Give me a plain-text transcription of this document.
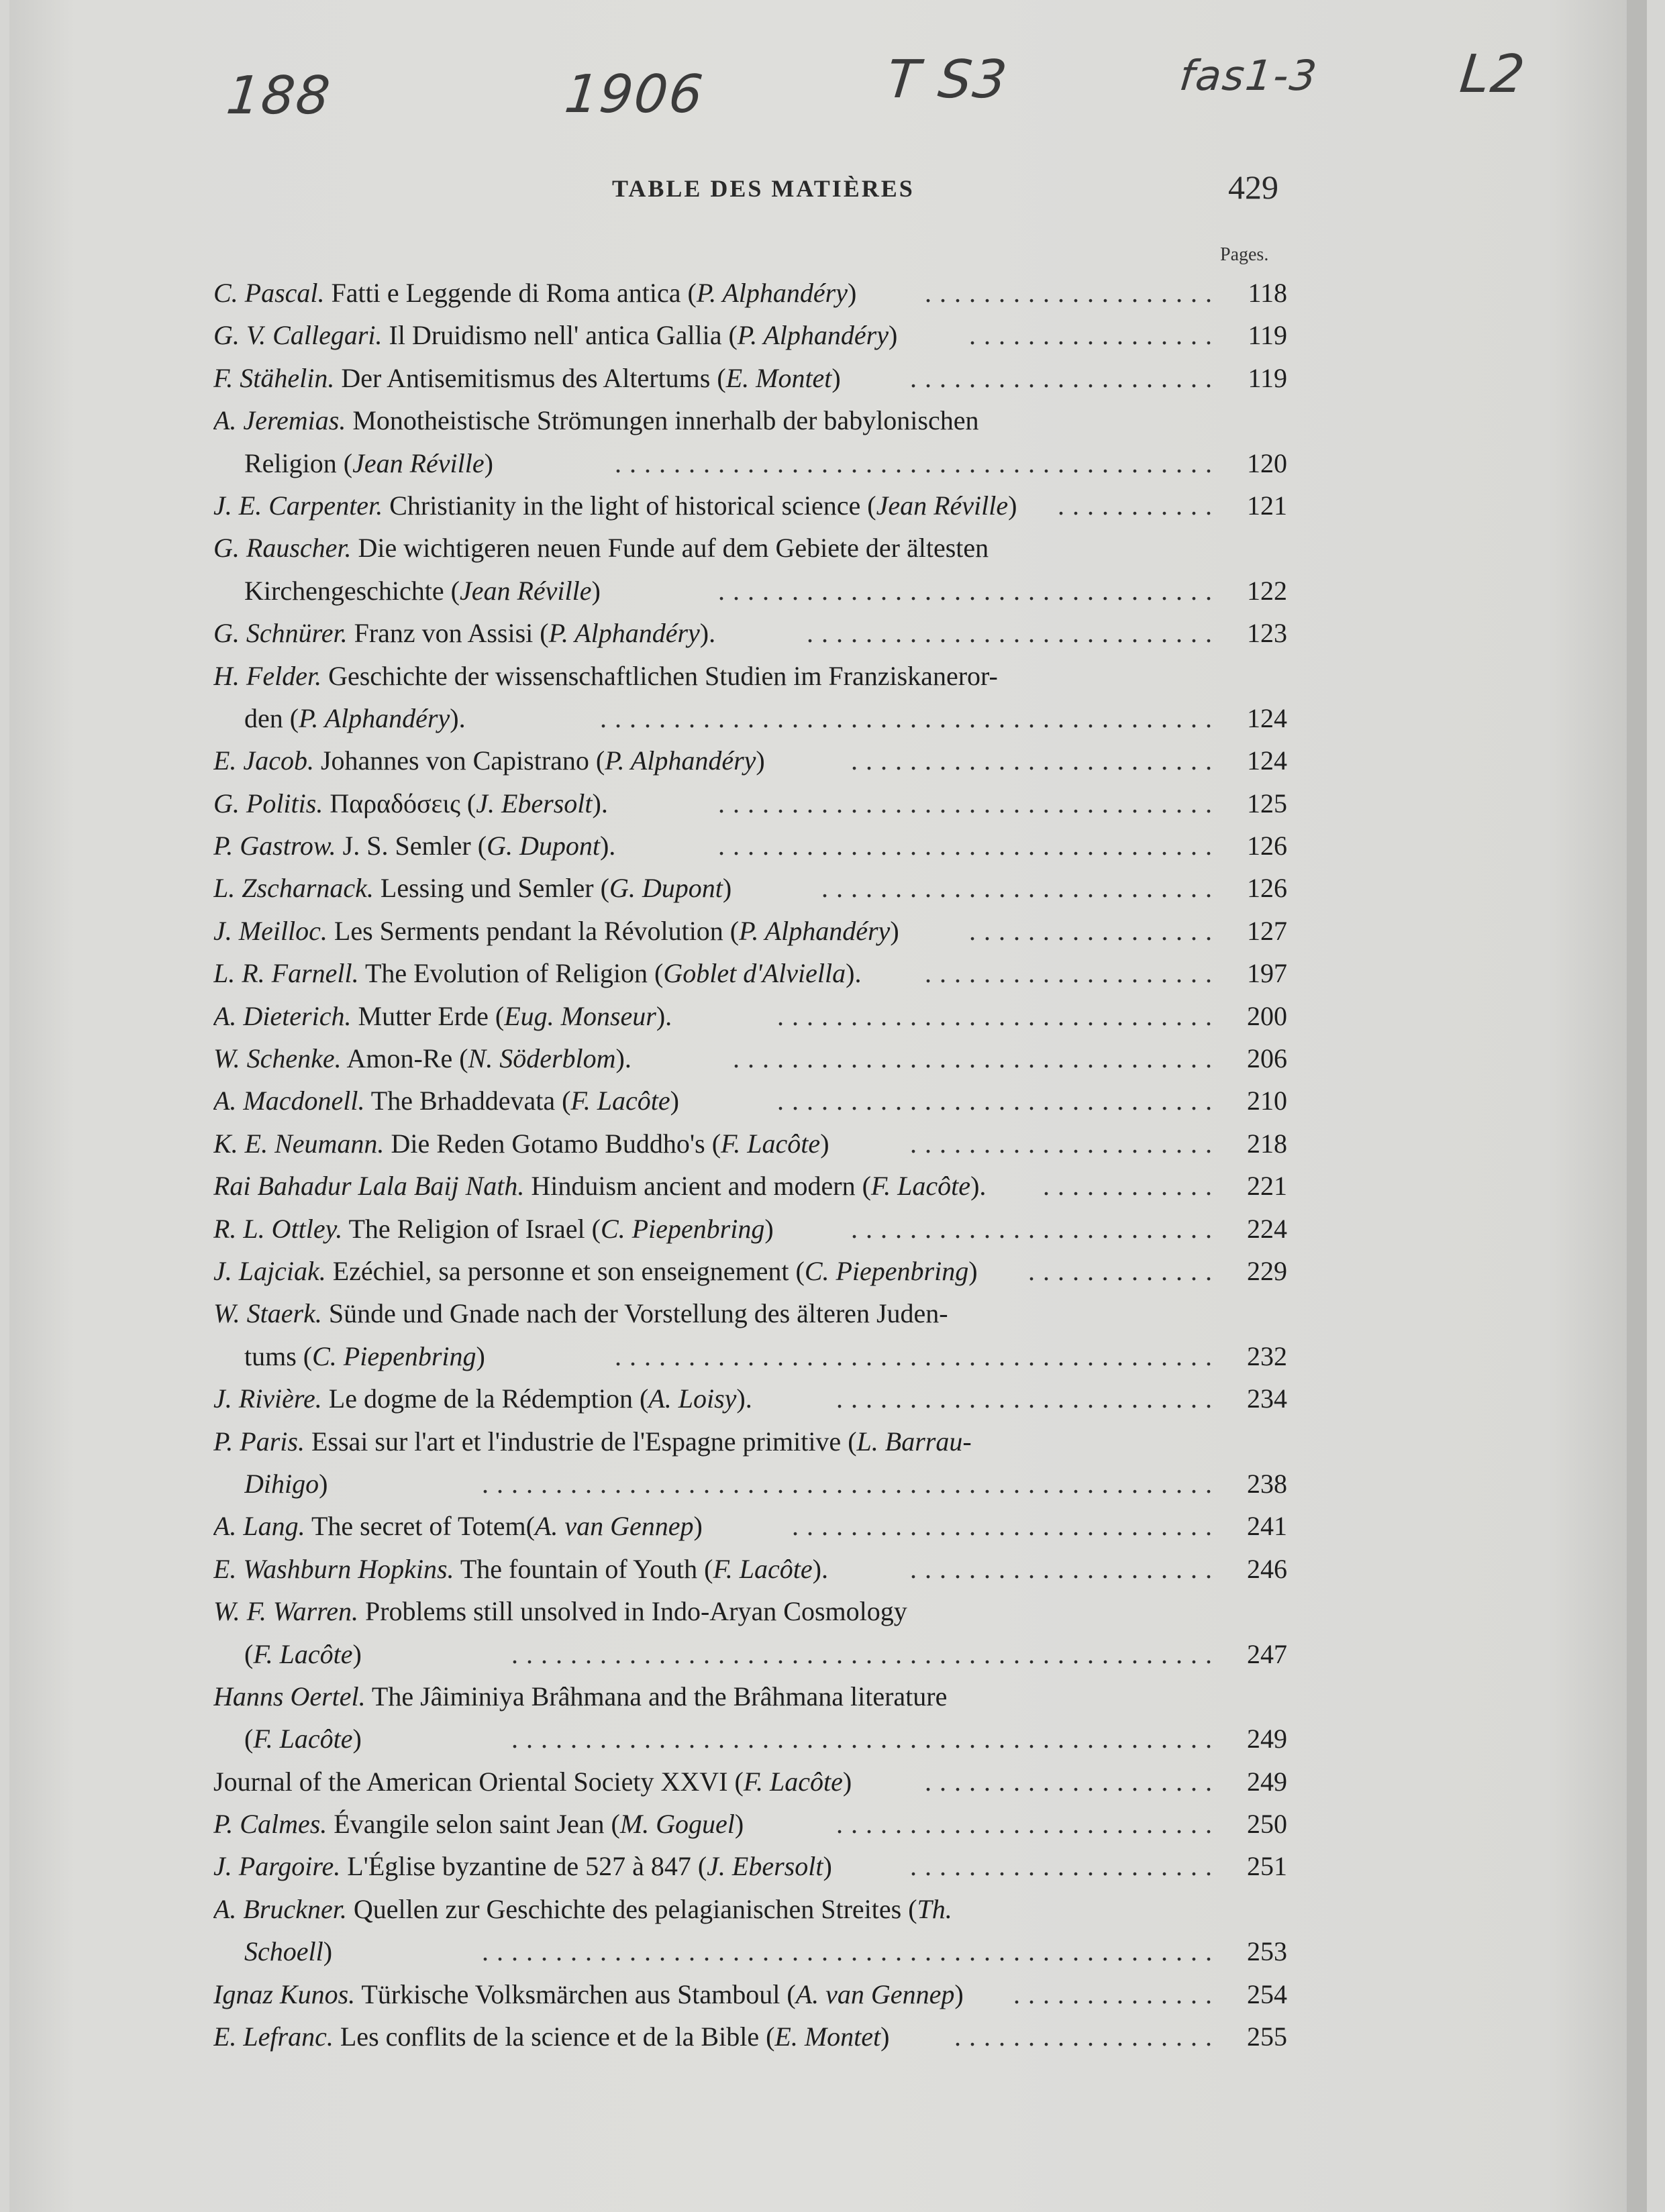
188	1906	T S3	fas1-3	L2
TABLE DES MATIÈRES	429
Pages.
C. Pascal. Fatti e Leggende di Roma antica (P. Alphandéry)	118
....................
G. V. Callegari. Il Druidismo nell' antica Gallia (P. Alphandéry)	119
.................
F. Stähelin. Der Antisemitismus des Altertums (E. Montet)	119
.....................
A. Jeremias. Monotheistische Strömungen innerhalb der babylonischen
Religion (Jean Réville)	120
.........................................
J. E. Carpenter. Christianity in the light of historical science (Jean Réville)	121
...........
G. Rauscher. Die wichtigeren neuen Funde auf dem Gebiete der ältesten
Kirchengeschichte (Jean Réville)	122
..................................
G. Schnürer. Franz von Assisi (P. Alphandéry).	123
............................
H. Felder. Geschichte der wissenschaftlichen Studien im Franziskaneror-
den (P. Alphandéry).	124
..........................................
E. Jacob. Johannes von Capistrano (P. Alphandéry)	124
.........................
G. Politis. Παραδόσεις (J. Ebersolt).	125
..................................
P. Gastrow. J. S. Semler (G. Dupont).	126
..................................
L. Zscharnack. Lessing und Semler (G. Dupont)	126
...........................
J. Meilloc. Les Serments pendant la Révolution (P. Alphandéry)	127
.................
L. R. Farnell. The Evolution of Religion (Goblet d'Alviella).	197
....................
A. Dieterich. Mutter Erde (Eug. Monseur).	200
..............................
W. Schenke. Amon-Re (N. Söderblom).	206
.................................
A. Macdonell. The Brhaddevata (F. Lacôte)	210
..............................
K. E. Neumann. Die Reden Gotamo Buddho's (F. Lacôte)	218
.....................
Rai Bahadur Lala Baij Nath. Hinduism ancient and modern (F. Lacôte).	221
............
R. L. Ottley. The Religion of Israel (C. Piepenbring)	224
.........................
J. Lajciak. Ezéchiel, sa personne et son enseignement (C. Piepenbring)	229
.............
W. Staerk. Sünde und Gnade nach der Vorstellung des älteren Juden-
tums (C. Piepenbring)	232
.........................................
J. Rivière. Le dogme de la Rédemption (A. Loisy).	234
..........................
P. Paris. Essai sur l'art et l'industrie de l'Espagne primitive (L. Barrau-
Dihigo)	238
..................................................
A. Lang. The secret of Totem(A. van Gennep)	241
.............................
E. Washburn Hopkins. The fountain of Youth (F. Lacôte).	246
.....................
W. F. Warren. Problems still unsolved in Indo-Aryan Cosmology
(F. Lacôte)	247
................................................
Hanns Oertel. The Jâiminiya Brâhmana and the Brâhmana literature
(F. Lacôte)	249
................................................
Journal of the American Oriental Society XXVI (F. Lacôte)	249
....................
P. Calmes. Évangile selon saint Jean (M. Goguel)	250
..........................
J. Pargoire. L'Église byzantine de 527 à 847 (J. Ebersolt)	251
.....................
A. Bruckner. Quellen zur Geschichte des pelagianischen Streites (Th.
Schoell)	253
..................................................
Ignaz Kunos. Türkische Volksmärchen aus Stamboul (A. van Gennep)	254
..............
E. Lefranc. Les conflits de la science et de la Bible (E. Montet)	255
..................
